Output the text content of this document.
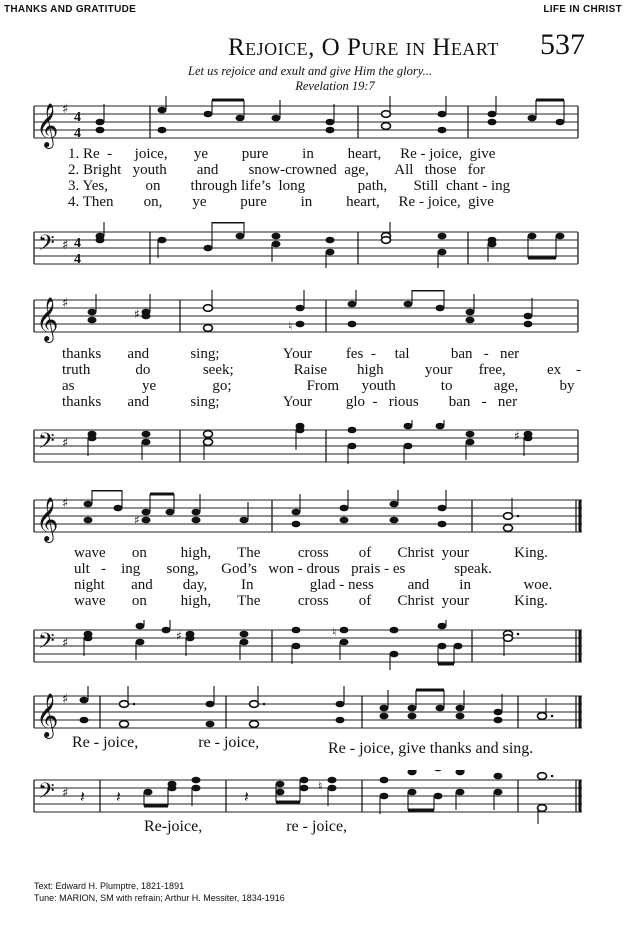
THANKS AND GRATITUDE	LIFE IN CHRIST
Rejoice, O Pure in Heart 537
Let us rejoice and exult and give Him the glory...
Revelation 19:7
𝄞 ♯
4
4
1. Re - joice, ye pure in heart, Re - joice, give
2. Bright youth and snow-crowned age, All those for
3. Yes,	on through life’s long	path, Still chant - ing
4. Then on, ye pure in heart, Re - joice, give
𝄢 ♯ 4
4
𝄞 ♯
♯
♮
thanks and	sing;	Your fes - tal	ban - ner
truth	do	seek;	Raise high	your free,	ex -
as	ye	go;	From youth	to	age,	by
thanks and	sing;	Your glo - rious ban - ner
𝄢 ♯	♯
𝄞 ♯
♯
wave on high, The	cross of Christ your	King.
ult - ing song, God’s won - drous prais - es	speak.
night and day, In	glad - ness and in	woe.
wave on high, The	cross of Christ your	King.
𝄢 ♯	♯	♮
𝄞 ♯
Re - joice,	re - joice,	Re - joice, give thanks and sing.
𝄢 ♯ 𝄽 𝄽	𝄽
♮
Re-joice,	re - joice,
Text: Edward H. Plumptre, 1821-1891
Tune: MARION, SM with refrain; Arthur H. Messiter, 1834-1916
